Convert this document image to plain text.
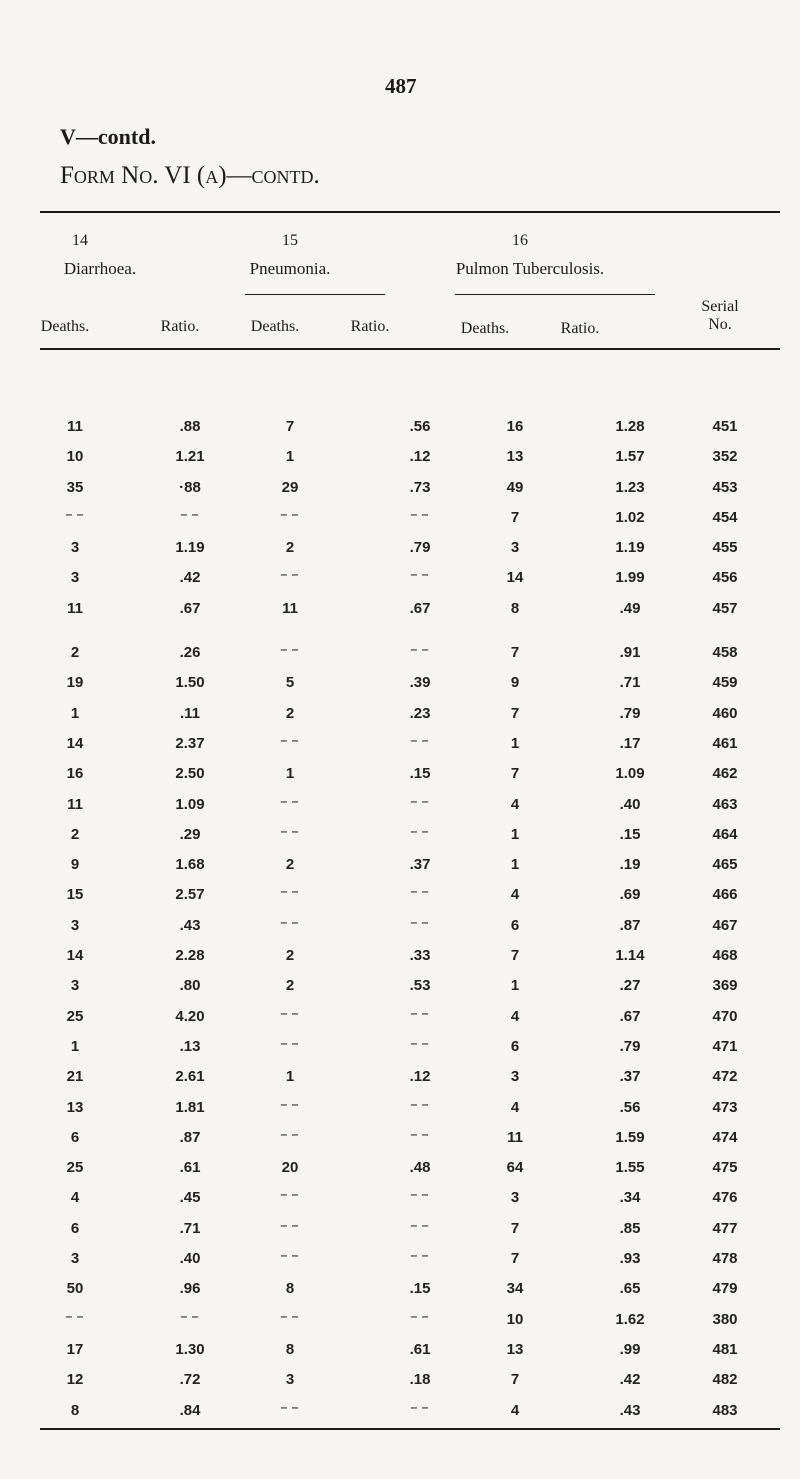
487
V—contd.
Form No. VI (a)—contd.
14	15	16
Diarrhoea.	Pneumonia.	Pulmon Tuberculosis.
Deaths.	Ratio.	Deaths.	Ratio.	Deaths.	Ratio.
Serial
No.
11	.88	7	.56	16	1.28	451
10	1.21	1	.12	13	1.57	352
35	·88	29	.73	49	1.23	453
‒ ‒	‒ ‒	‒ ‒	‒ ‒	7	1.02	454
3	1.19	2	.79	3	1.19	455
3	.42	‒ ‒	‒ ‒	14	1.99	456
11	.67	11	.67	8	.49	457
2	.26	‒ ‒	‒ ‒	7	.91	458
19	1.50	5	.39	9	.71	459
1	.11	2	.23	7	.79	460
14	2.37	‒ ‒	‒ ‒	1	.17	461
16	2.50	1	.15	7	1.09	462
11	1.09	‒ ‒	‒ ‒	4	.40	463
2	.29	‒ ‒	‒ ‒	1	.15	464
9	1.68	2	.37	1	.19	465
15	2.57	‒ ‒	‒ ‒	4	.69	466
3	.43	‒ ‒	‒ ‒	6	.87	467
14	2.28	2	.33	7	1.14	468
3	.80	2	.53	1	.27	369
25	4.20	‒ ‒	‒ ‒	4	.67	470
1	.13	‒ ‒	‒ ‒	6	.79	471
21	2.61	1	.12	3	.37	472
13	1.81	‒ ‒	‒ ‒	4	.56	473
6	.87	‒ ‒	‒ ‒	11	1.59	474
25	.61	20	.48	64	1.55	475
4	.45	‒ ‒	‒ ‒	3	.34	476
6	.71	‒ ‒	‒ ‒	7	.85	477
3	.40	‒ ‒	‒ ‒	7	.93	478
50	.96	8	.15	34	.65	479
‒ ‒	‒ ‒	‒ ‒	‒ ‒	10	1.62	380
17	1.30	8	.61	13	.99	481
12	.72	3	.18	7	.42	482
8	.84	‒ ‒	‒ ‒	4	.43	483
